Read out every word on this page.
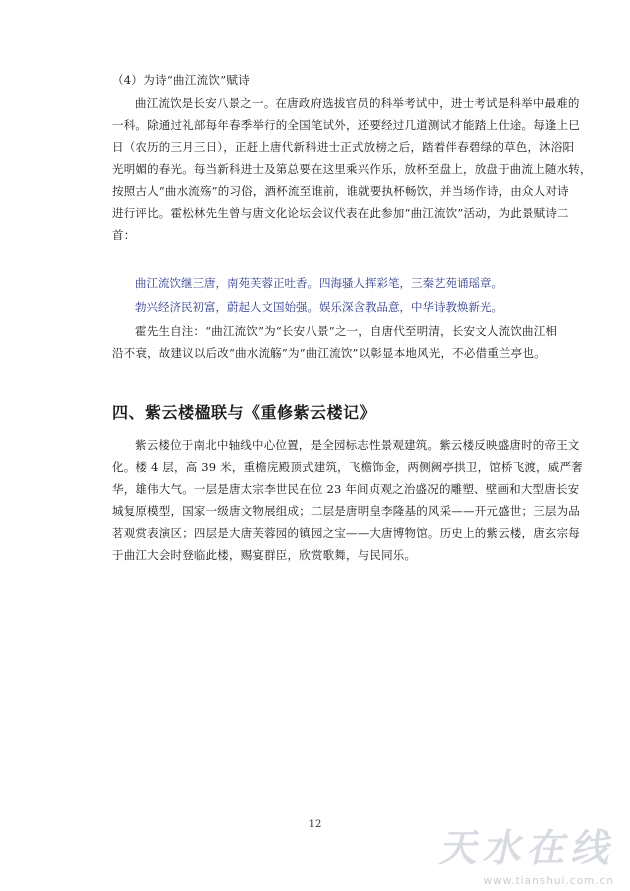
（4）为诗“曲江流饮”赋诗

曲江流饮是长安八景之一。在唐政府选拔官员的科举考试中，进士考试是科举中最难的
一科。除通过礼部每年春季举行的全国笔试外，还要经过几道测试才能踏上仕途。每逢上巳
日（农历的三月三日），正赶上唐代新科进士正式放榜之后，踏着伴春碧绿的草色，沐浴阳
光明媚的春光。每当新科进士及第总要在这里乘兴作乐，放杯至盘上，放盘于曲流上随水转，
按照古人“曲水流殇”的习俗，酒杯流至谁前，谁就要执杯畅饮，并当场作诗，由众人对诗
进行评比。霍松林先生曾与唐文化论坛会议代表在此参加“曲江流饮”活动，为此景赋诗二
首：

曲江流饮继三唐，南苑芙蓉正吐香。四海骚人挥彩笔，三秦艺苑诵瑶章。

勃兴经济民初富，蔚起人文国始强。娱乐深含教品意，中华诗教焕新光。

霍先生自注：“曲江流饮”为“长安八景”之一，自唐代至明清，长安文人流饮曲江相
沿不衰，故建议以后改“曲水流觞”为“曲江流饮”以彰显本地风光，不必借重兰亭也。

四、紫云楼楹联与《重修紫云楼记》

紫云楼位于南北中轴线中心位置，是全园标志性景观建筑。紫云楼反映盛唐时的帝王文
化。楼 4 层，高 39 米，重檐庑殿顶式建筑，飞檐饰金，两侧阙亭拱卫，馆桥飞渡，威严奢
华，雄伟大气。一层是唐太宗李世民在位 23 年间贞观之治盛况的雕塑、壁画和大型唐长安
城复原模型，国家一级唐文物展组成；二层是唐明皇李隆基的风采——开元盛世；三层为品
茗观赏表演区；四层是大唐芙蓉园的镇园之宝——大唐博物馆。历史上的紫云楼，唐玄宗每
于曲江大会时登临此楼，赐宴群臣，欣赏歌舞，与民同乐。

12
天水在线
www.tianshui.com.cn
